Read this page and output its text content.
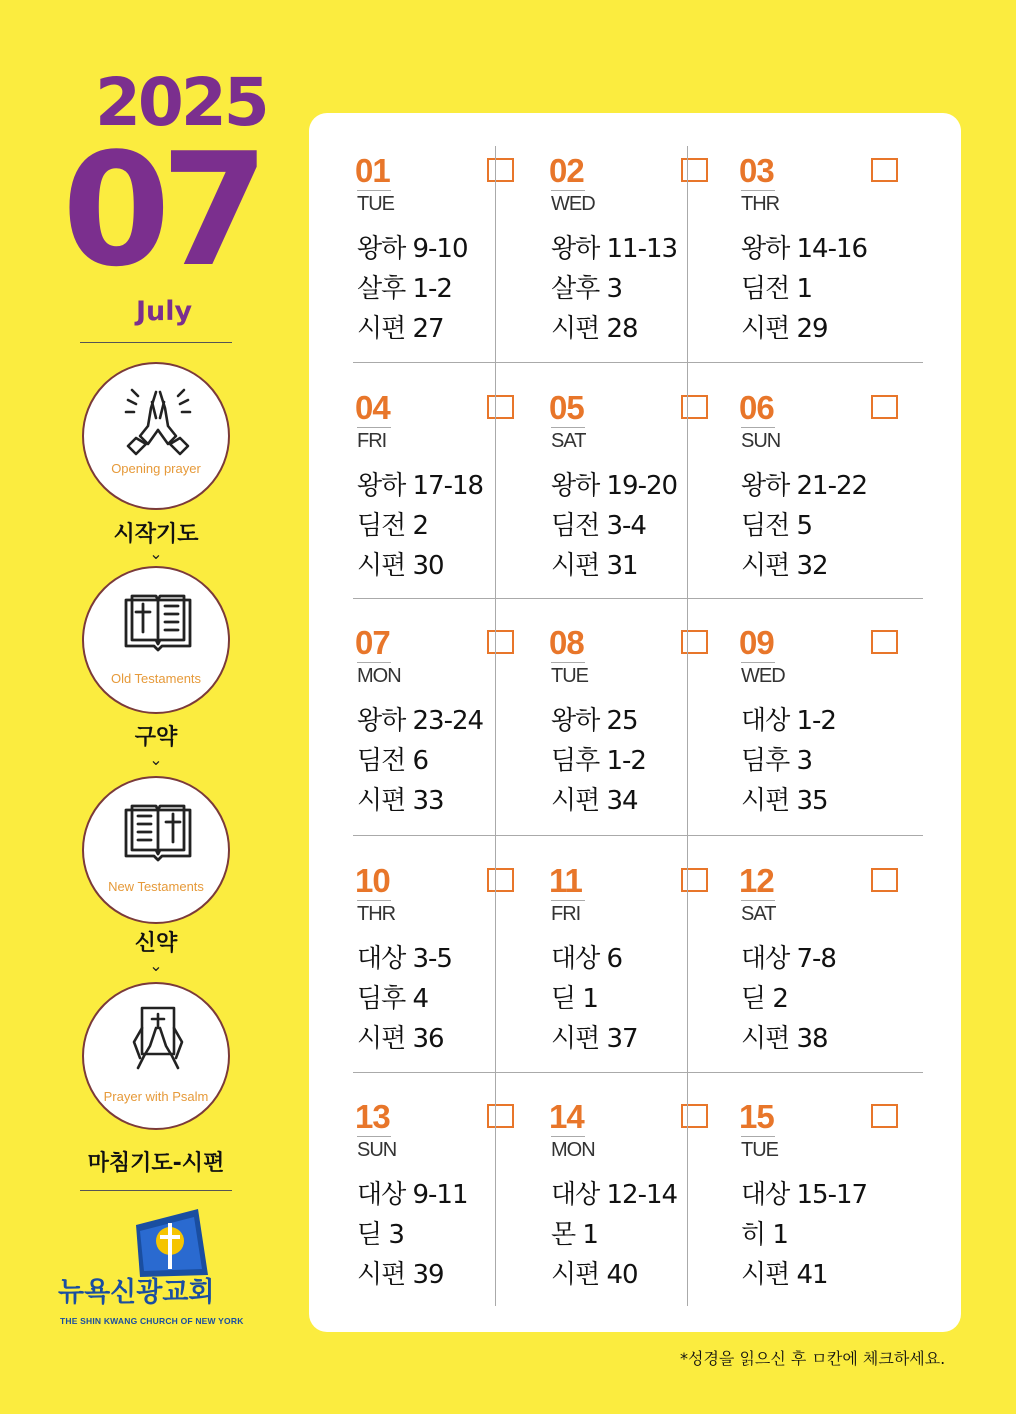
2025
07
July
Opening prayer
시작기도
⌄
Old Testaments
구약
⌄
New Testaments
신약
⌄
Prayer with Psalm
마침기도-시편
뉴욕신광교회
THE SHIN KWANG CHURCH OF NEW YORK
01
TUE
왕하 9-10
살후 1-2
시편 27
02
WED
왕하 11-13
살후 3
시편 28
03
THR
왕하 14-16
딤전 1
시편 29
04
FRI
왕하 17-18
딤전 2
시편 30
05
SAT
왕하 19-20
딤전 3-4
시편 31
06
SUN
왕하 21-22
딤전 5
시편 32
07
MON
왕하 23-24
딤전 6
시편 33
08
TUE
왕하 25
딤후 1-2
시편 34
09
WED
대상 1-2
딤후 3
시편 35
10
THR
대상 3-5
딤후 4
시편 36
11
FRI
대상 6
딛 1
시편 37
12
SAT
대상 7-8
딛 2
시편 38
13
SUN
대상 9-11
딛 3
시편 39
14
MON
대상 12-14
몬 1
시편 40
15
TUE
대상 15-17
히 1
시편 41
*성경을 읽으신 후 ㅁ칸에 체크하세요.
